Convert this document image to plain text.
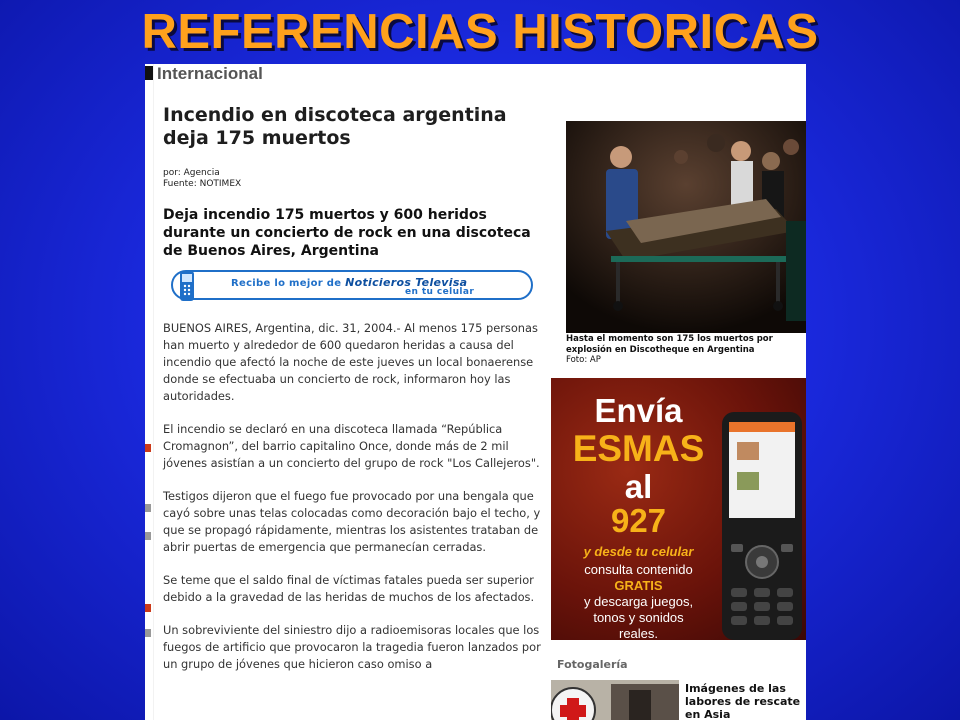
REFERENCIAS HISTORICAS
Internacional
Incendio en discoteca argentina deja 175 muertos
por: Agencia
Fuente: NOTIMEX
Deja incendio 175 muertos y 600 heridos durante un concierto de rock en una discoteca de Buenos Aires, Argentina
Recibe lo mejor de Noticieros Televisa
en tu celular

BUENOS AIRES, Argentina, dic. 31, 2004.- Al menos 175 personas han muerto y alrededor de 600 quedaron heridas a causa del incendio que afectó la noche de este jueves un local bonaerense donde se efectuaba un concierto de rock, informaron hoy las autoridades.

El incendio se declaró en una discoteca llamada “República Cromagnon”, del barrio capitalino Once, donde más de 2 mil jóvenes asistían a un concierto del grupo de rock "Los Callejeros".

Testigos dijeron que el fuego fue provocado por una bengala que cayó sobre unas telas colocadas como decoración bajo el techo, y que se propagó rápidamente, mientras los asistentes trataban de abrir puertas de emergencia que permanecían cerradas.

Se teme que el saldo final de víctimas fatales pueda ser superior debido a la gravedad de las heridas de muchos de los afectados.

Un sobreviviente del siniestro dijo a radioemisoras locales que los fuegos de artificio que provocaron la tragedia fueron lanzados por un grupo de jóvenes que hicieron caso omiso a

Hasta el momento son 175 los muertos por explosión en Discotheque en Argentina
Foto: AP
Envía
ESMAS
al
927
y desde tu celular
consulta contenido
GRATIS
y descarga juegos,
tonos y sonidos
reales.
Fotogalería
Imágenes de las labores de rescate en Asia
